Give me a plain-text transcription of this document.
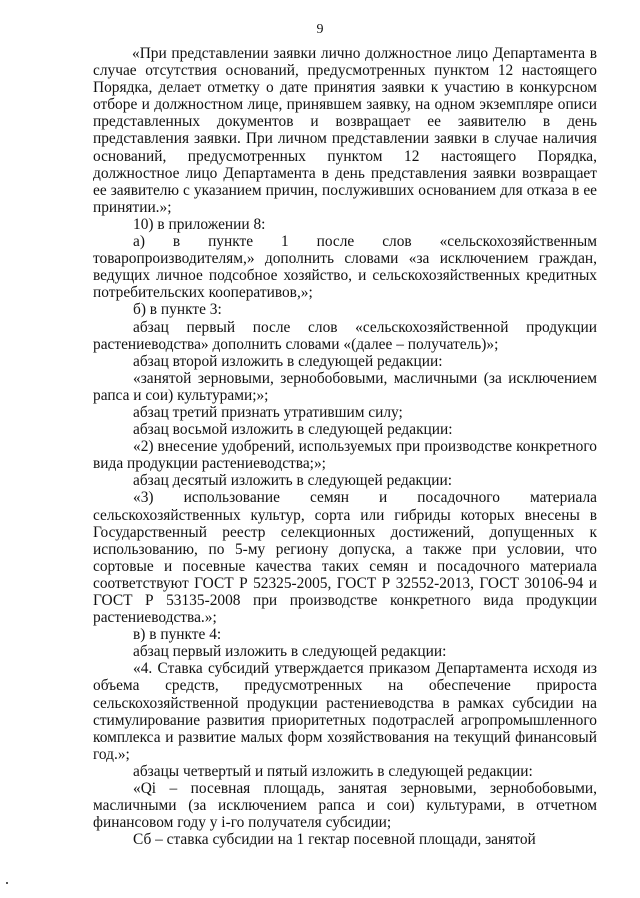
9

«При представлении заявки лично должностное лицо Департамента в случае отсутствия оснований, предусмотренных пунктом 12 настоящего Порядка, делает отметку о дате принятия заявки к участию в конкурсном отборе и должностном лице, принявшем заявку, на одном экземпляре описи представленных документов и возвращает ее заявителю в день представления заявки. При личном представлении заявки в случае наличия оснований, предусмотренных пунктом 12 настоящего Порядка, должностное лицо Департамента в день представления заявки возвращает ее заявителю с указанием причин, послуживших основанием для отказа в ее принятии.»;

10) в приложении 8:

а) в пункте 1 после слов «сельскохозяйственным товаропроизводителям,» дополнить словами «за исключением граждан, ведущих личное подсобное хозяйство, и сельскохозяйственных кредитных потребительских кооперативов,»;

б) в пункте 3:

абзац первый после слов «сельскохозяйственной продукции растениеводства» дополнить словами «(далее – получатель)»;

абзац второй изложить в следующей редакции:

«занятой зерновыми, зернобобовыми, масличными (за исключением рапса и сои) культурами;»;

абзац третий признать утратившим силу;

абзац восьмой изложить в следующей редакции:

«2) внесение удобрений, используемых при производстве конкретного вида продукции растениеводства;»;

абзац десятый изложить в следующей редакции:

«3) использование семян и посадочного материала сельскохозяйственных культур, сорта или гибриды которых внесены в Государственный реестр селекционных достижений, допущенных к использованию, по 5-му региону допуска, а также при условии, что сортовые и посевные качества таких семян и посадочного материала соответствуют ГОСТ Р 52325-2005, ГОСТ Р 32552-2013, ГОСТ 30106-94 и ГОСТ Р 53135-2008 при производстве конкретного вида продукции растениеводства.»;

в) в пункте 4:

абзац первый изложить в следующей редакции:

«4. Ставка субсидий утверждается приказом Департамента исходя из объема средств, предусмотренных на обеспечение прироста сельскохозяйственной продукции растениеводства в рамках субсидии на стимулирование развития приоритетных подотраслей агропромышленного комплекса и развитие малых форм хозяйствования на текущий финансовый год.»;

абзацы четвертый и пятый изложить в следующей редакции:

«Qi – посевная площадь, занятая зерновыми, зернобобовыми, масличными (за исключением рапса и сои) культурами, в отчетном финансовом году у i-го получателя субсидии;

Сб – ставка субсидии на 1 гектар посевной площади, занятой
